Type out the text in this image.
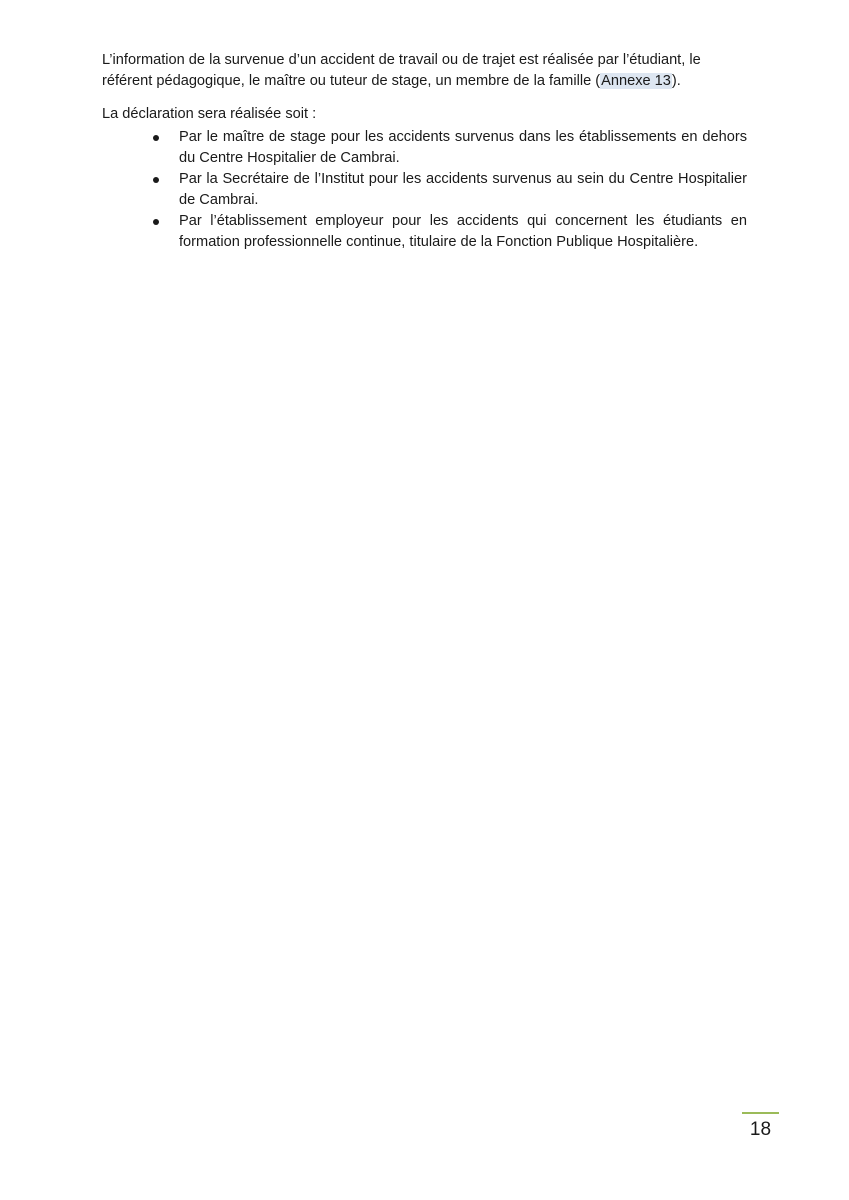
L’information de la survenue d’un accident de travail ou de trajet est réalisée par l’étudiant, le référent pédagogique, le maître ou tuteur de stage, un membre de la famille (Annexe 13).

La déclaration sera réalisée soit :

Par le maître de stage pour les accidents survenus dans les établissements en dehors du Centre Hospitalier de Cambrai.
Par la Secrétaire de l’Institut pour les accidents survenus au sein du Centre Hospitalier de Cambrai.
Par l’établissement employeur pour les accidents qui concernent les étudiants en formation professionnelle continue, titulaire de la Fonction Publique Hospitalière.
18
